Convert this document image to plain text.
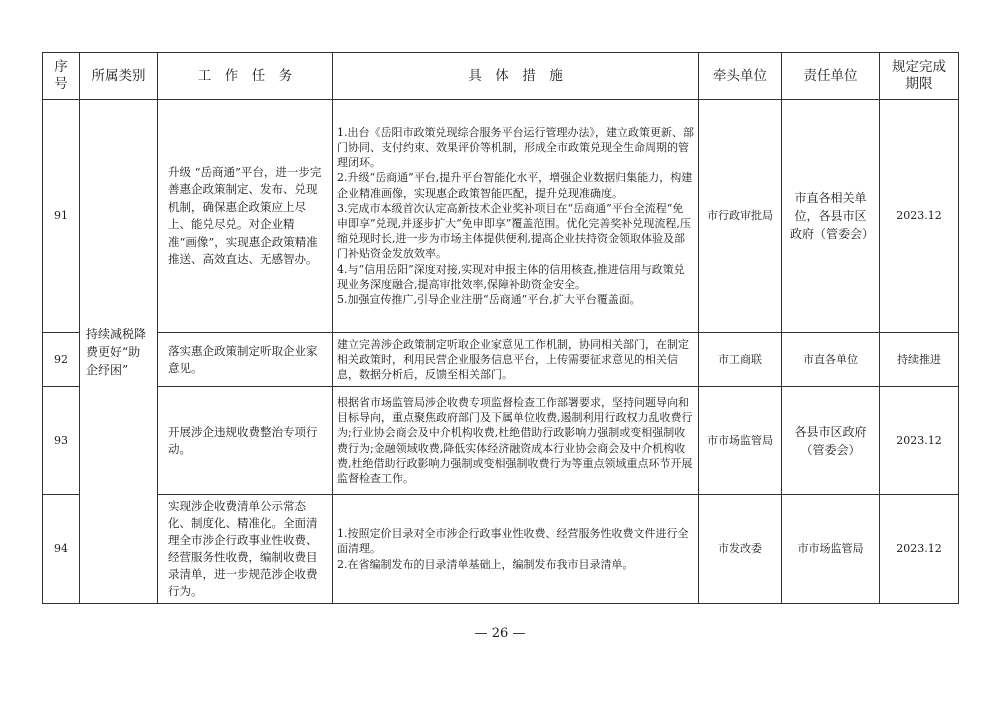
序号	所属类别	工　作　任　务	具　体　措　施	牵头单位	责任单位	规定完成期限
91	持续减税降费更好“助企纾困”	升级 “岳商通”平台，进一步完善惠企政策制定、发布、兑现机制，确保惠企政策应上尽上、能兑尽兑。对企业精准“画像”，实现惠企政策精准推送、高效直达、无感智办。	1.出台《岳阳市政策兑现综合服务平台运行管理办法》，建立政策更新、部门协同、支付约束、效果评价等机制，形成全市政策兑现全生命周期的管理闭环。
2.升级“岳商通”平台,提升平台智能化水平，增强企业数据归集能力，构建企业精准画像，实现惠企政策智能匹配，提升兑现准确度。
3.完成市本级首次认定高新技术企业奖补项目在“岳商通”平台全流程“免申即享”兑现,并逐步扩大“免申即享”覆盖范围。优化完善奖补兑现流程,压缩兑现时长,进一步为市场主体提供便利,提高企业扶持资金领取体验及部门补贴资金发放效率。
4.与“信用岳阳”深度对接,实现对申报主体的信用核查,推进信用与政策兑现业务深度融合,提高审批效率,保障补助资金安全。
5.加强宣传推广,引导企业注册“岳商通”平台,扩大平台覆盖面。	市行政审批局	市直各相关单位，各县市区政府（管委会）	2023.12
92		落实惠企政策制定听取企业家意见。	建立完善涉企政策制定听取企业家意见工作机制，协同相关部门，在制定相关政策时，利用民营企业服务信息平台，上传需要征求意见的相关信息，数据分析后，反馈至相关部门。	市工商联	市直各单位	持续推进
93		开展涉企违规收费整治专项行动。	根据省市场监管局涉企收费专项监督检查工作部署要求，坚持问题导向和目标导向，重点聚焦政府部门及下属单位收费,遏制利用行政权力乱收费行为;行业协会商会及中介机构收费,杜绝借助行政影响力强制或变相强制收费行为;金融领域收费,降低实体经济融资成本行业协会商会及中介机构收费,杜绝借助行政影响力强制或变相强制收费行为等重点领域重点环节开展监督检查工作。	市市场监管局	各县市区政府（管委会）	2023.12
94		实现涉企收费清单公示常态化、制度化、精准化。全面清理全市涉企行政事业性收费、经营服务性收费，编制收费目录清单，进一步规范涉企收费行为。	1.按照定价目录对全市涉企行政事业性收费、经营服务性收费文件进行全面清理。
2.在省编制发布的目录清单基础上，编制发布我市目录清单。	市发改委	市市场监管局	2023.12
— 26 —
